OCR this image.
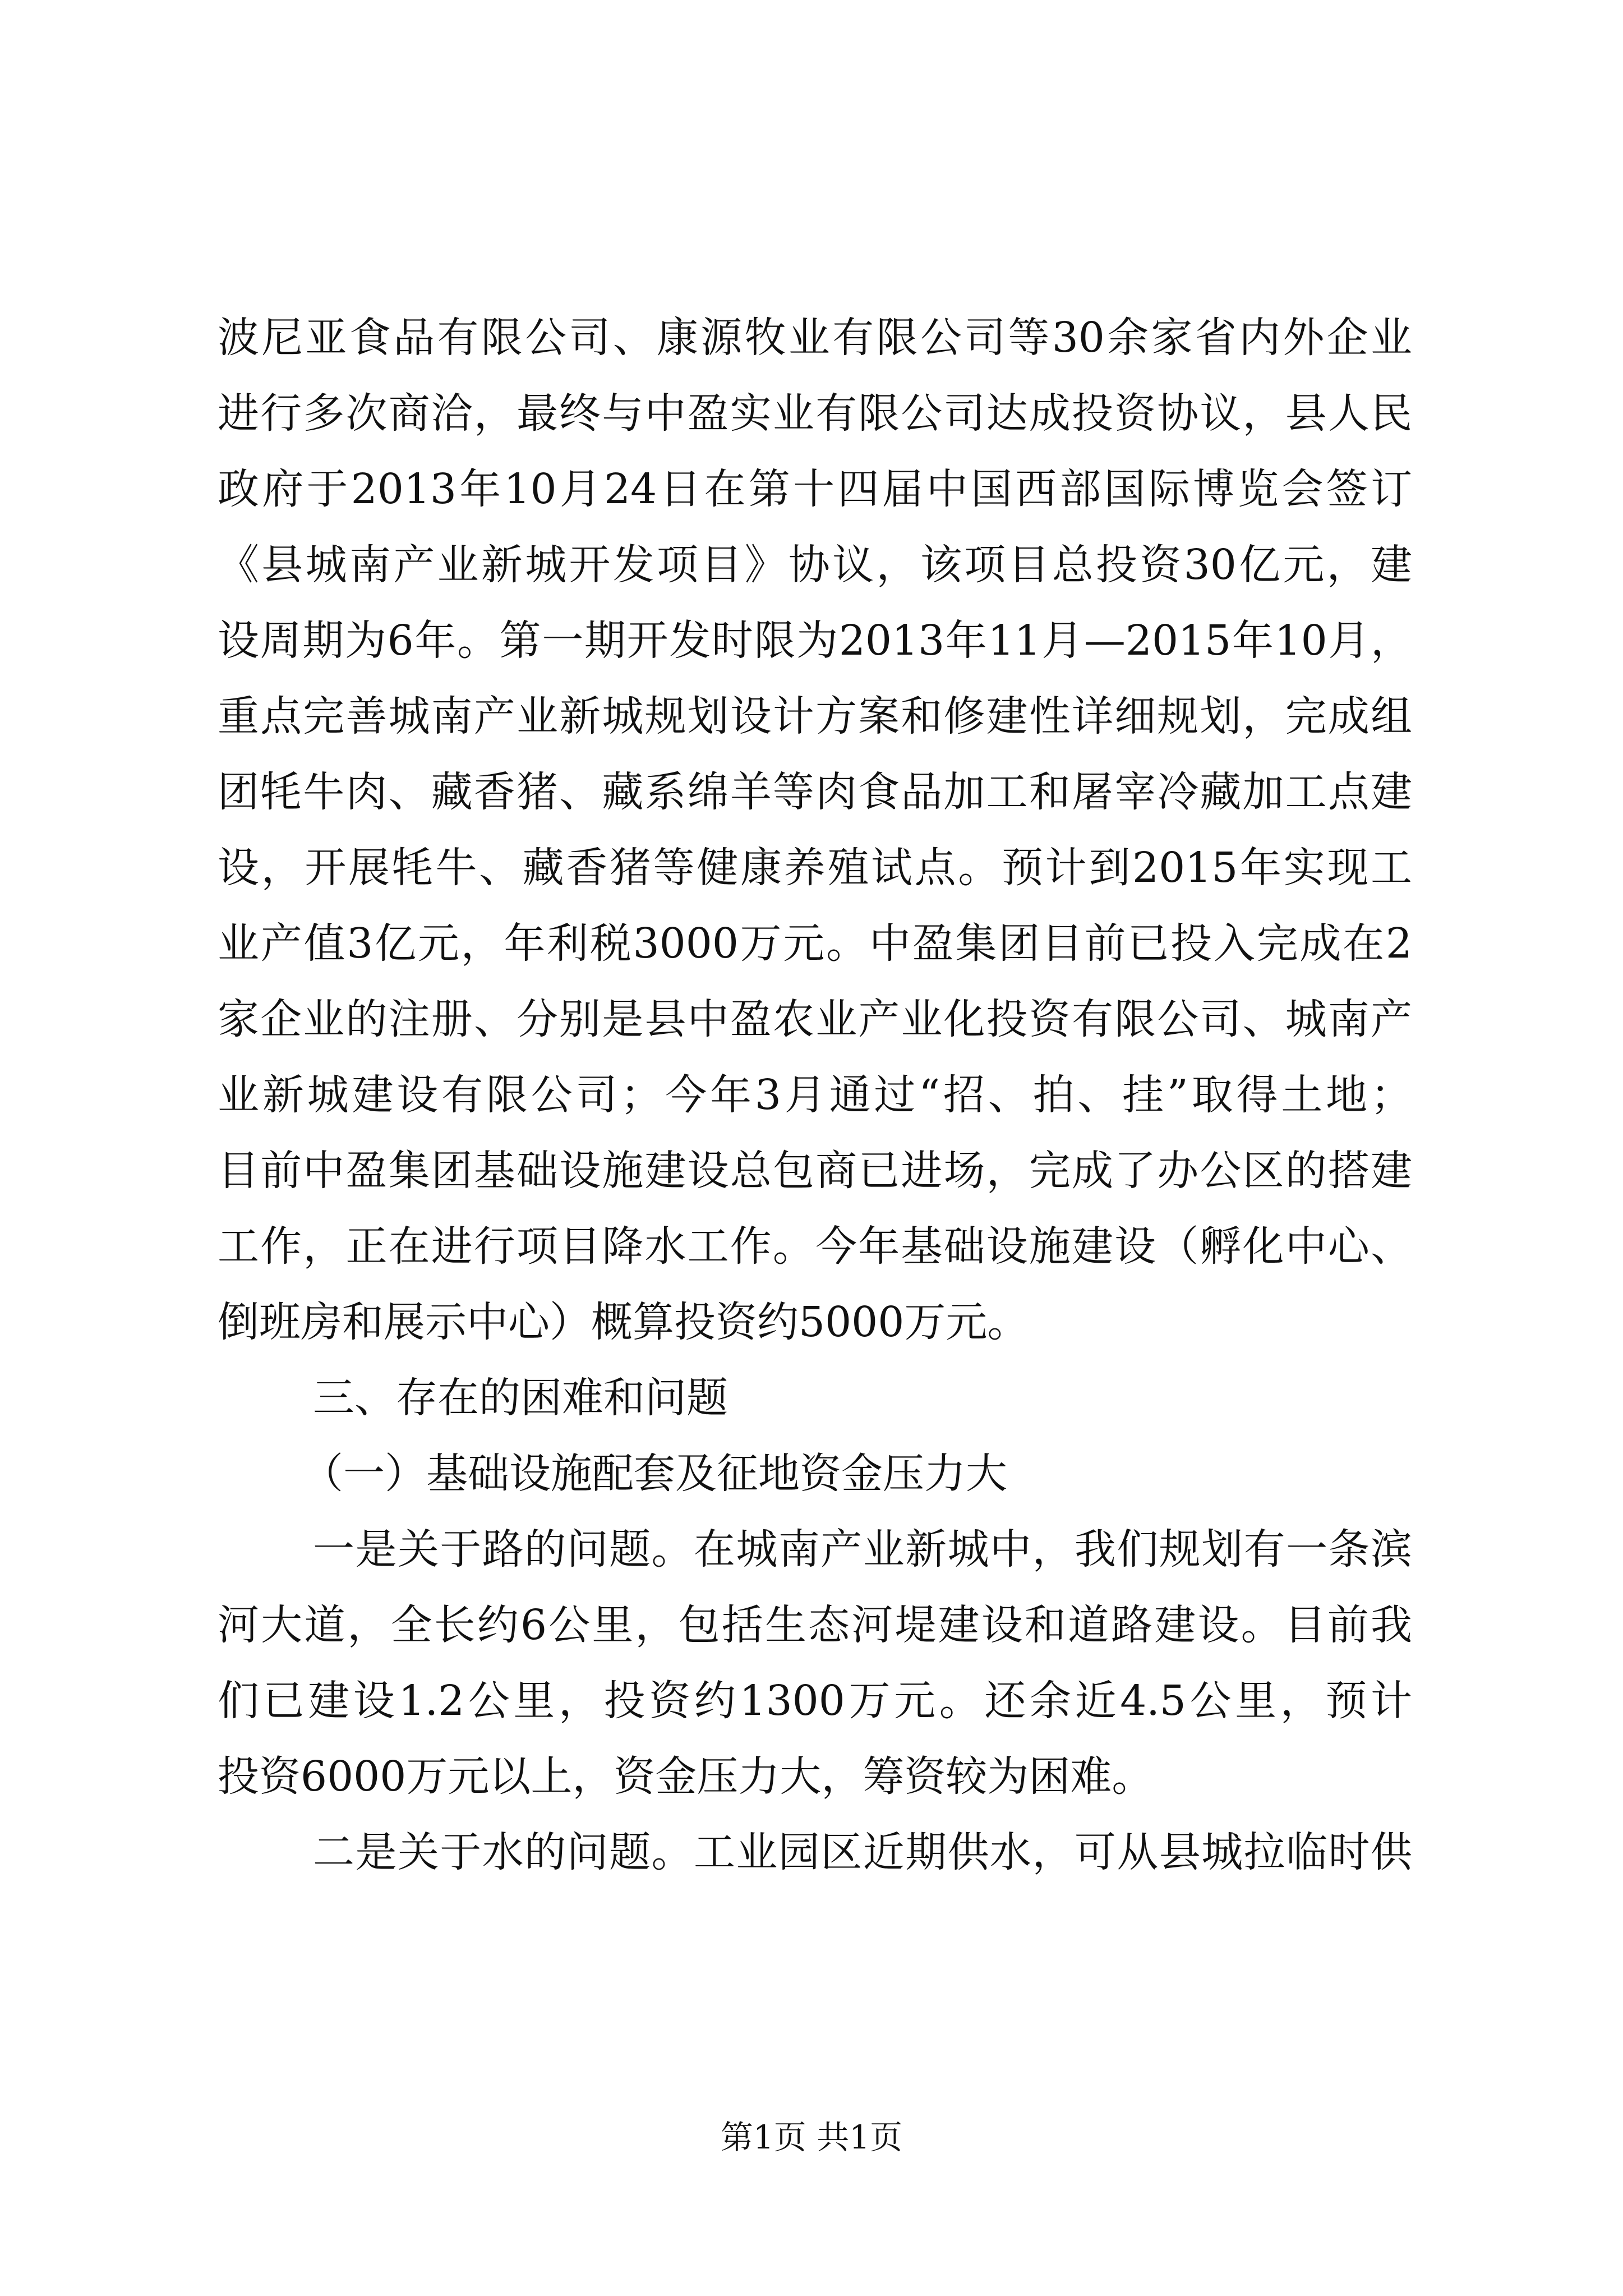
波尼亚食品有限公司、康源牧业有限公司等30余家省内外企业
进行多次商洽，最终与中盈实业有限公司达成投资协议，县人民
政府于2013年10月24日在第十四届中国西部国际博览会签订
《县城南产业新城开发项目》协议，该项目总投资30亿元，建
设周期为6年。第一期开发时限为2013年11月—2015年10月，
重点完善城南产业新城规划设计方案和修建性详细规划，完成组
团牦牛肉、藏香猪、藏系绵羊等肉食品加工和屠宰冷藏加工点建
设，开展牦牛、藏香猪等健康养殖试点。预计到2015年实现工
业产值3亿元，年利税3000万元。中盈集团目前已投入完成在2
家企业的注册、分别是县中盈农业产业化投资有限公司、城南产
业新城建设有限公司；今年3月通过“招、拍、挂”取得土地；
目前中盈集团基础设施建设总包商已进场，完成了办公区的搭建
工作，正在进行项目降水工作。今年基础设施建设（孵化中心、
倒班房和展示中心）概算投资约5000万元。
三、存在的困难和问题
（一）基础设施配套及征地资金压力大
一是关于路的问题。在城南产业新城中，我们规划有一条滨
河大道，全长约6公里，包括生态河堤建设和道路建设。目前我
们已建设1.2公里，投资约1300万元。还余近4.5公里，预计
投资6000万元以上，资金压力大，筹资较为困难。
二是关于水的问题。工业园区近期供水，可从县城拉临时供
第1页 共1页
